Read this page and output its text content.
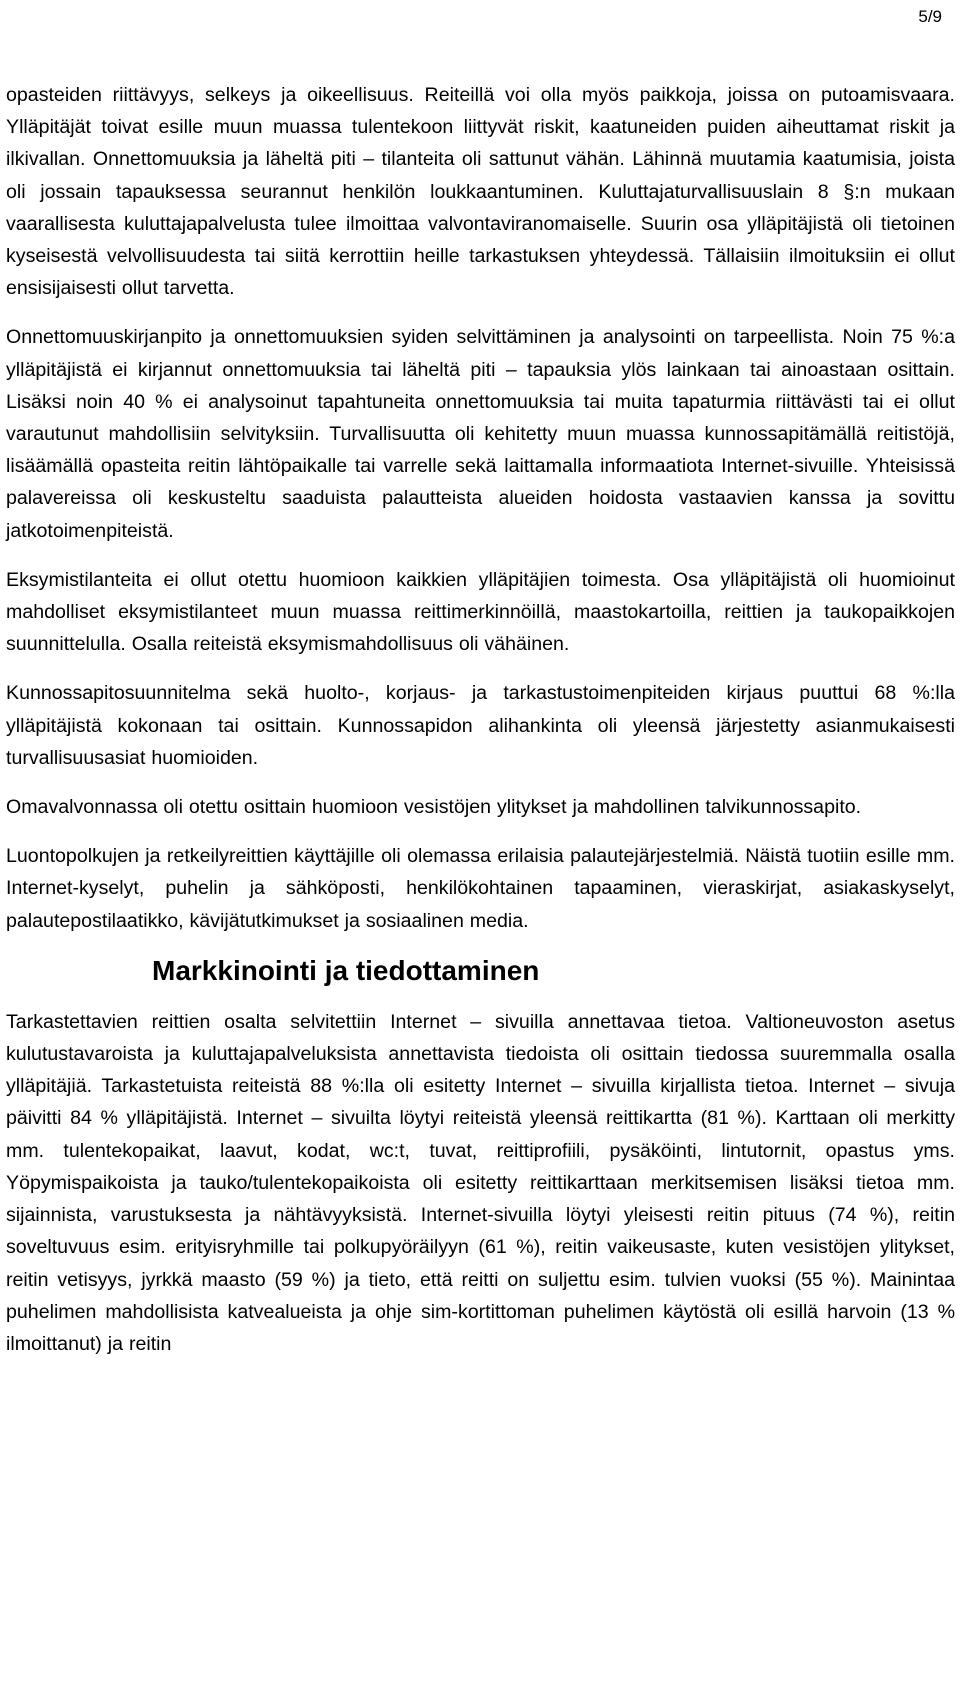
5/9

opasteiden riittävyys, selkeys ja oikeellisuus. Reiteillä voi olla myös paikkoja, joissa on putoamisvaara. Ylläpitäjät toivat esille muun muassa tulentekoon liittyvät riskit, kaatuneiden puiden aiheuttamat riskit ja ilkivallan. Onnettomuuksia ja läheltä piti – tilanteita oli sattunut vähän. Lähinnä muutamia kaatumisia, joista oli jossain tapauksessa seurannut henkilön loukkaantuminen. Kuluttajaturvallisuuslain 8 §:n mukaan vaarallisesta kuluttajapalvelusta tulee ilmoittaa valvontaviranomaiselle. Suurin osa ylläpitäjistä oli tietoinen kyseisestä velvollisuudesta tai siitä kerrottiin heille tarkastuksen yhteydessä. Tällaisiin ilmoituksiin ei ollut ensisijaisesti ollut tarvetta.

Onnettomuuskirjanpito ja onnettomuuksien syiden selvittäminen ja analysointi on tarpeellista. Noin 75 %:a ylläpitäjistä ei kirjannut onnettomuuksia tai läheltä piti – tapauksia ylös lainkaan tai ainoastaan osittain. Lisäksi noin 40 % ei analysoinut tapahtuneita onnettomuuksia tai muita tapaturmia riittävästi tai ei ollut varautunut mahdollisiin selvityksiin. Turvallisuutta oli kehitetty muun muassa kunnossapitämällä reitistöjä, lisäämällä opasteita reitin lähtöpaikalle tai varrelle sekä laittamalla informaatiota Internet-sivuille. Yhteisissä palavereissa oli keskusteltu saaduista palautteista alueiden hoidosta vastaavien kanssa ja sovittu jatkotoimenpiteistä.

Eksymistilanteita ei ollut otettu huomioon kaikkien ylläpitäjien toimesta. Osa ylläpitäjistä oli huomioinut mahdolliset eksymistilanteet muun muassa reittimerkinnöillä, maastokartoilla, reittien ja taukopaikkojen suunnittelulla. Osalla reiteistä eksymismahdollisuus oli vähäinen.

Kunnossapitosuunnitelma sekä huolto-, korjaus- ja tarkastustoimenpiteiden kirjaus puuttui 68 %:lla ylläpitäjistä kokonaan tai osittain. Kunnossapidon alihankinta oli yleensä järjestetty asianmukaisesti turvallisuusasiat huomioiden.

Omavalvonnassa oli otettu osittain huomioon vesistöjen ylitykset ja mahdollinen talvikunnossapito.

Luontopolkujen ja retkeilyreittien käyttäjille oli olemassa erilaisia palautejärjestelmiä. Näistä tuotiin esille mm. Internet-kyselyt, puhelin ja sähköposti, henkilökohtainen tapaaminen, vieraskirjat, asiakaskyselyt, palautepostilaatikko, kävijätutkimukset ja sosiaalinen media.

Markkinointi ja tiedottaminen

Tarkastettavien reittien osalta selvitettiin Internet – sivuilla annettavaa tietoa. Valtioneuvoston asetus kulutustavaroista ja kuluttajapalveluksista annettavista tiedoista oli osittain tiedossa suuremmalla osalla ylläpitäjiä. Tarkastetuista reiteistä 88 %:lla oli esitetty Internet – sivuilla kirjallista tietoa. Internet – sivuja päivitti 84 % ylläpitäjistä. Internet – sivuilta löytyi reiteistä yleensä reittikartta (81 %). Karttaan oli merkitty mm. tulentekopaikat, laavut, kodat, wc:t, tuvat, reittiprofiili, pysäköinti, lintutornit, opastus yms. Yöpymispaikoista ja tauko/tulentekopaikoista oli esitetty reittikarttaan merkitsemisen lisäksi tietoa mm. sijainnista, varustuksesta ja nähtävyyksistä. Internet-sivuilla löytyi yleisesti reitin pituus (74 %), reitin soveltuvuus esim. erityisryhmille tai polkupyöräilyyn (61 %), reitin vaikeusaste, kuten vesistöjen ylitykset, reitin vetisyys, jyrkkä maasto (59 %) ja tieto, että reitti on suljettu esim. tulvien vuoksi (55 %). Mainintaa puhelimen mahdollisista katvealueista ja ohje sim-kortittoman puhelimen käytöstä oli esillä harvoin (13 % ilmoittanut) ja reitin
